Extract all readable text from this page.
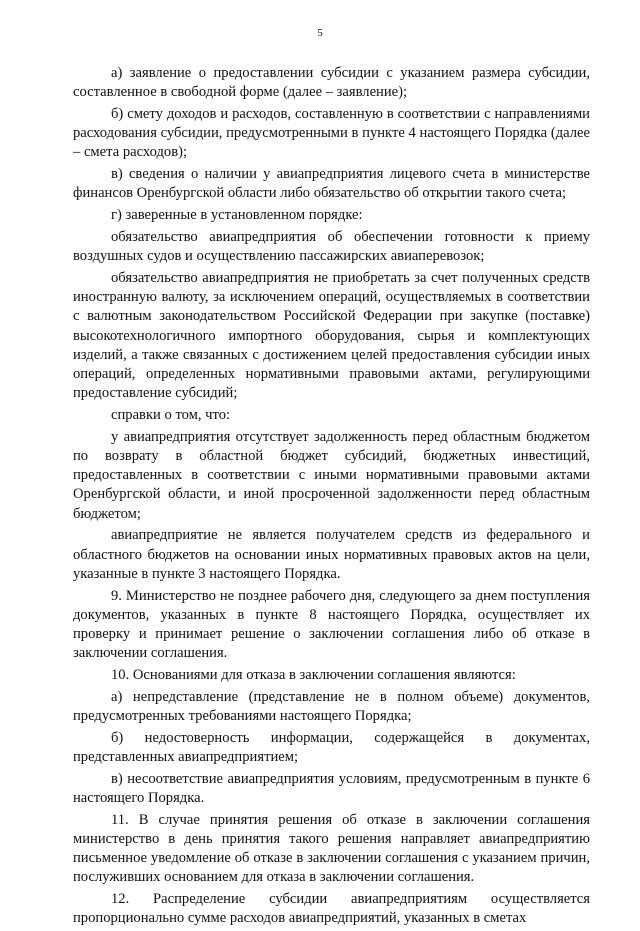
5

а) заявление о предоставлении субсидии с указанием размера субсидии, составленное в свободной форме (далее – заявление);

б) смету доходов и расходов, составленную в соответствии с направлениями расходования субсидии, предусмотренными в пункте 4 настоящего Порядка (далее – смета расходов);

в) сведения о наличии у авиапредприятия лицевого счета в министерстве финансов Оренбургской области либо обязательство об открытии такого счета;

г) заверенные в установленном порядке:

обязательство авиапредприятия об обеспечении готовности к приему воздушных судов и осуществлению пассажирских авиаперевозок;

обязательство авиапредприятия не приобретать за счет полученных средств иностранную валюту, за исключением операций, осуществляемых в соответствии с валютным законодательством Российской Федерации при закупке (поставке) высокотехнологичного импортного оборудования, сырья и комплектующих изделий, а также связанных с достижением целей предоставления субсидии иных операций, определенных нормативными правовыми актами, регулирующими предоставление субсидий;

справки о том, что:

у авиапредприятия отсутствует задолженность перед областным бюджетом по возврату в областной бюджет субсидий, бюджетных инвестиций, предоставленных в соответствии с иными нормативными правовыми актами Оренбургской области, и иной просроченной задолженности перед областным бюджетом;

авиапредприятие не является получателем средств из федерального и областного бюджетов на основании иных нормативных правовых актов на цели, указанные в пункте 3 настоящего Порядка.

9. Министерство не позднее рабочего дня, следующего за днем поступления документов, указанных в пункте 8 настоящего Порядка, осуществляет их проверку и принимает решение о заключении соглашения либо об отказе в заключении соглашения.

10. Основаниями для отказа в заключении соглашения являются:

а) непредставление (представление не в полном объеме) документов, предусмотренных требованиями настоящего Порядка;

б) недостоверность информации, содержащейся в документах, представленных авиапредприятием;

в) несоответствие авиапредприятия условиям, предусмотренным в пункте 6 настоящего Порядка.

11. В случае принятия решения об отказе в заключении соглашения министерство в день принятия такого решения направляет авиапредприятию письменное уведомление об отказе в заключении соглашения с указанием причин, послуживших основанием для отказа в заключении соглашения.

12. Распределение субсидии авиапредприятиям осуществляется пропорционально сумме расходов авиапредприятий, указанных в сметах
